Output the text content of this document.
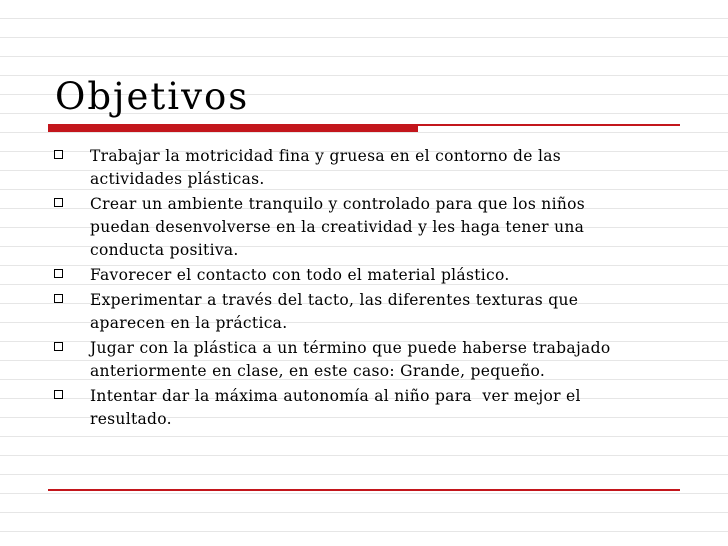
Objetivos
Trabajar la motricidad fina y gruesa en el contorno de las
actividades plásticas.
Crear un ambiente tranquilo y controlado para que los niños
puedan desenvolverse en la creatividad y les haga tener una
conducta positiva.
Favorecer el contacto con todo el material plástico.
Experimentar a través del tacto, las diferentes texturas que
aparecen en la práctica.
Jugar con la plástica a un término que puede haberse trabajado
anteriormente en clase, en este caso: Grande, pequeño.
Intentar dar la máxima autonomía al niño para  ver mejor el
resultado.
